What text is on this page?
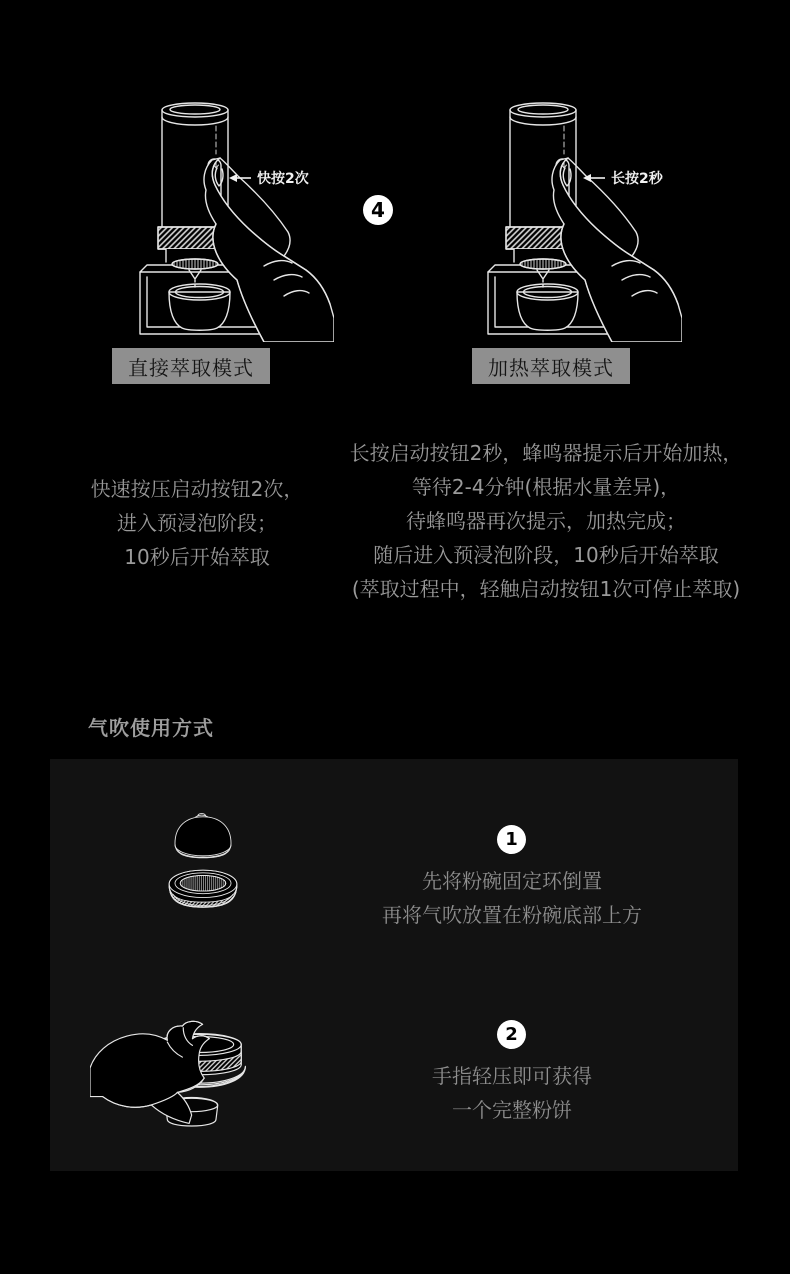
快按2次	长按2秒
4
直接萃取模式	加热萃取模式
快速按压启动按钮2次，
进入预浸泡阶段；
10秒后开始萃取
长按启动按钮2秒，蜂鸣器提示后开始加热，
等待2-4分钟(根据水量差异)，
待蜂鸣器再次提示，加热完成；
随后进入预浸泡阶段，10秒后开始萃取
(萃取过程中，轻触启动按钮1次可停止萃取)
气吹使用方式
1
先将粉碗固定环倒置
再将气吹放置在粉碗底部上方
2
手指轻压即可获得
一个完整粉饼
